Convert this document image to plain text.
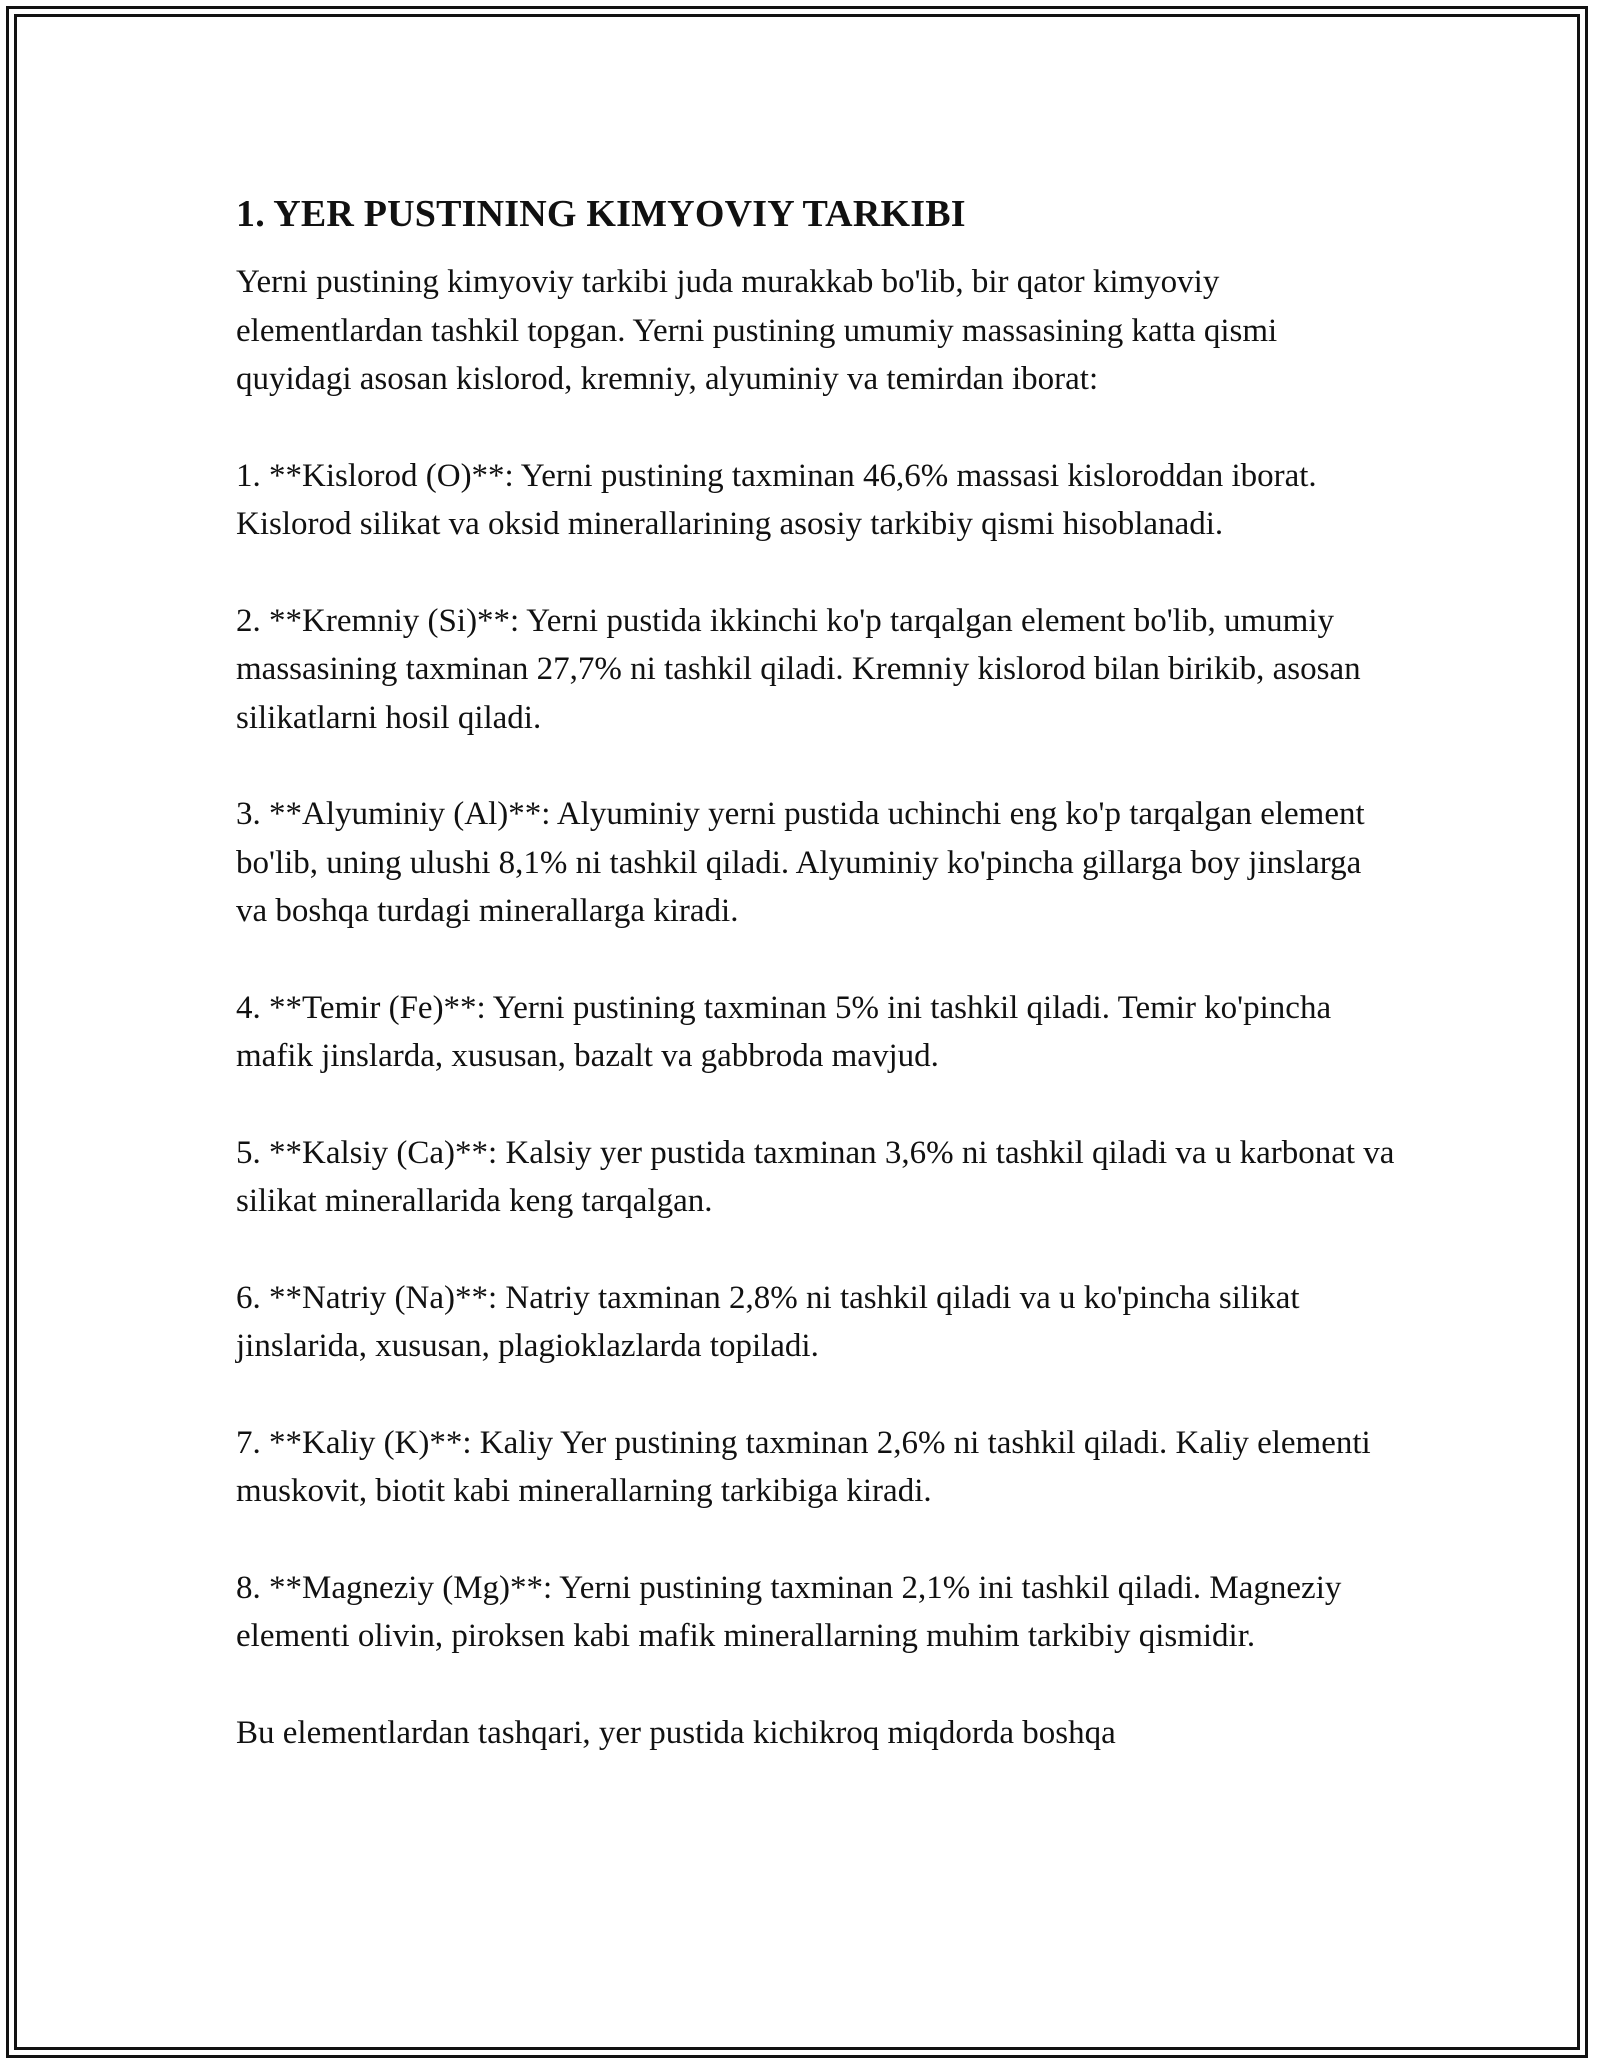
1. YER PUSTINING KIMYOVIY TARKIBI

Yerni pustining kimyoviy tarkibi juda murakkab bo'lib, bir qator kimyoviy elementlardan tashkil topgan. Yerni pustining umumiy massasining katta qismi quyidagi asosan kislorod, kremniy, alyuminiy va temirdan iborat:

1. **Kislorod (O)**: Yerni pustining taxminan 46,6% massasi kisloroddan iborat. Kislorod silikat va oksid minerallarining asosiy tarkibiy qismi hisoblanadi.

2. **Kremniy (Si)**: Yerni pustida ikkinchi ko'p tarqalgan element bo'lib, umumiy massasining taxminan 27,7% ni tashkil qiladi. Kremniy kislorod bilan birikib, asosan silikatlarni hosil qiladi.

3. **Alyuminiy (Al)**: Alyuminiy yerni pustida uchinchi eng ko'p tarqalgan element bo'lib, uning ulushi 8,1% ni tashkil qiladi. Alyuminiy ko'pincha gillarga boy jinslarga va boshqa turdagi minerallarga kiradi.

4. **Temir (Fe)**: Yerni pustining taxminan 5% ini tashkil qiladi. Temir ko'pincha mafik jinslarda, xususan, bazalt va gabbroda mavjud.

5. **Kalsiy (Ca)**: Kalsiy yer pustida taxminan 3,6% ni tashkil qiladi va u karbonat va silikat minerallarida keng tarqalgan.

6. **Natriy (Na)**: Natriy taxminan 2,8% ni tashkil qiladi va u ko'pincha silikat jinslarida, xususan, plagioklazlarda topiladi.

7. **Kaliy (K)**: Kaliy Yer pustining taxminan 2,6% ni tashkil qiladi. Kaliy elementi muskovit, biotit kabi minerallarning tarkibiga kiradi.

8. **Magneziy (Mg)**: Yerni pustining taxminan 2,1% ini tashkil qiladi. Magneziy elementi olivin, piroksen kabi mafik minerallarning muhim tarkibiy qismidir.

Bu elementlardan tashqari, yer pustida kichikroq miqdorda boshqa
